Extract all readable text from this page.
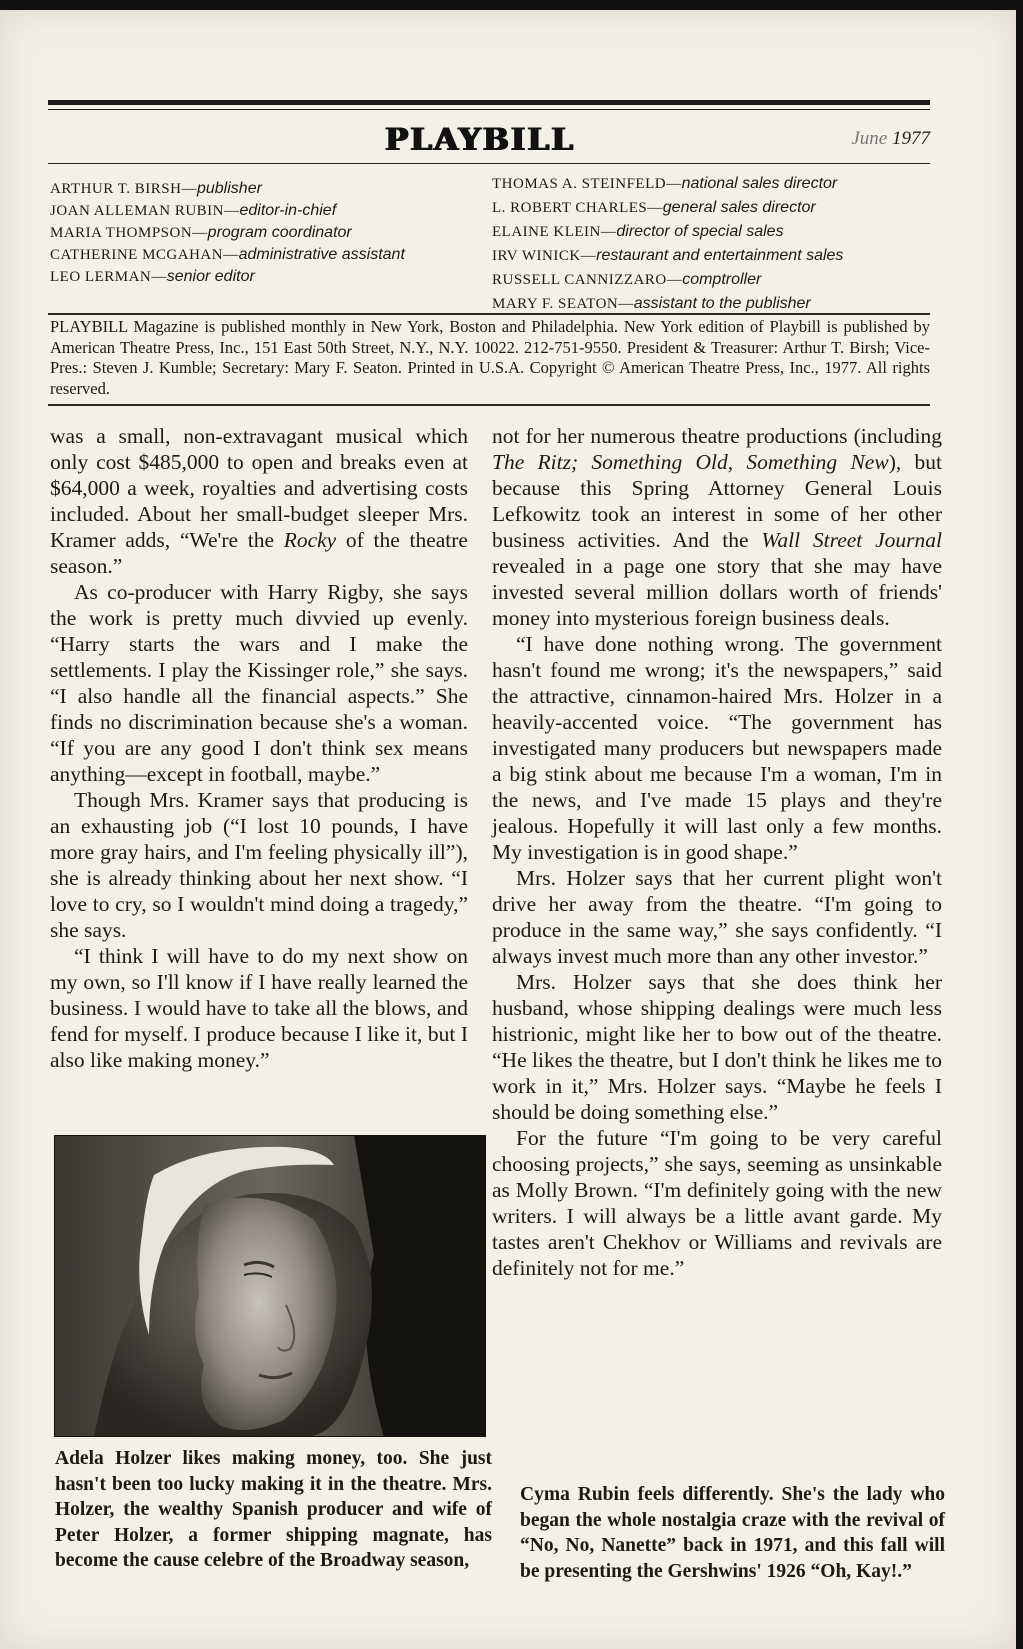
PLAYBILL	June 1977
ARTHUR T. BIRSH—publisher
JOAN ALLEMAN RUBIN—editor-in-chief
MARIA THOMPSON—program coordinator
CATHERINE MCGAHAN—administrative assistant
LEO LERMAN—senior editor
THOMAS A. STEINFELD—national sales director
L. ROBERT CHARLES—general sales director
ELAINE KLEIN—director of special sales
IRV WINICK—restaurant and entertainment sales
RUSSELL CANNIZZARO—comptroller
MARY F. SEATON—assistant to the publisher
PLAYBILL Magazine is published monthly in New York, Boston and Philadelphia. New York edition of Playbill is published by American Theatre Press, Inc., 151 East 50th Street, N.Y., N.Y. 10022. 212-751-9550. President & Treasurer: Arthur T. Birsh; Vice-Pres.: Steven J. Kumble; Secretary: Mary F. Seaton. Printed in U.S.A. Copyright © American Theatre Press, Inc., 1977. All rights reserved.

was a small, non-extravagant musical which only cost $485,000 to open and breaks even at $64,000 a week, royalties and advertising costs included. About her small-budget sleeper Mrs. Kramer adds, “We're the Rocky of the theatre season.”

As co-producer with Harry Rigby, she says the work is pretty much divvied up evenly. “Harry starts the wars and I make the settlements. I play the Kissinger role,” she says. “I also handle all the financial aspects.” She finds no discrimination because she's a woman. “If you are any good I don't think sex means anything—except in football, maybe.”

Though Mrs. Kramer says that producing is an exhausting job (“I lost 10 pounds, I have more gray hairs, and I'm feeling physically ill”), she is already thinking about her next show. “I love to cry, so I wouldn't mind doing a tragedy,” she says.

“I think I will have to do my next show on my own, so I'll know if I have really learned the business. I would have to take all the blows, and fend for myself. I produce because I like it, but I also like making money.”

Adela Holzer likes making money, too. She just hasn't been too lucky making it in the theatre. Mrs. Holzer, the wealthy Spanish producer and wife of Peter Holzer, a former shipping magnate, has become the cause celebre of the Broadway season,

not for her numerous theatre productions (including The Ritz; Something Old, Something New), but because this Spring Attorney General Louis Lefkowitz took an interest in some of her other business activities. And the Wall Street Journal revealed in a page one story that she may have invested several million dollars worth of friends' money into mysterious foreign business deals.

“I have done nothing wrong. The government hasn't found me wrong; it's the newspapers,” said the attractive, cinnamon-haired Mrs. Holzer in a heavily-accented voice. “The government has investigated many producers but newspapers made a big stink about me because I'm a woman, I'm in the news, and I've made 15 plays and they're jealous. Hopefully it will last only a few months. My investigation is in good shape.”

Mrs. Holzer says that her current plight won't drive her away from the theatre. “I'm going to produce in the same way,” she says confidently. “I always invest much more than any other investor.”

Mrs. Holzer says that she does think her husband, whose shipping dealings were much less histrionic, might like her to bow out of the theatre. “He likes the theatre, but I don't think he likes me to work in it,” Mrs. Holzer says. “Maybe he feels I should be doing something else.”

For the future “I'm going to be very careful choosing projects,” she says, seeming as unsinkable as Molly Brown. “I'm definitely going with the new writers. I will always be a little avant garde. My tastes aren't Chekhov or Williams and revivals are definitely not for me.”

Cyma Rubin feels differently. She's the lady who began the whole nostalgia craze with the revival of “No, No, Nanette” back in 1971, and this fall will be presenting the Gershwins' 1926 “Oh, Kay!.”
